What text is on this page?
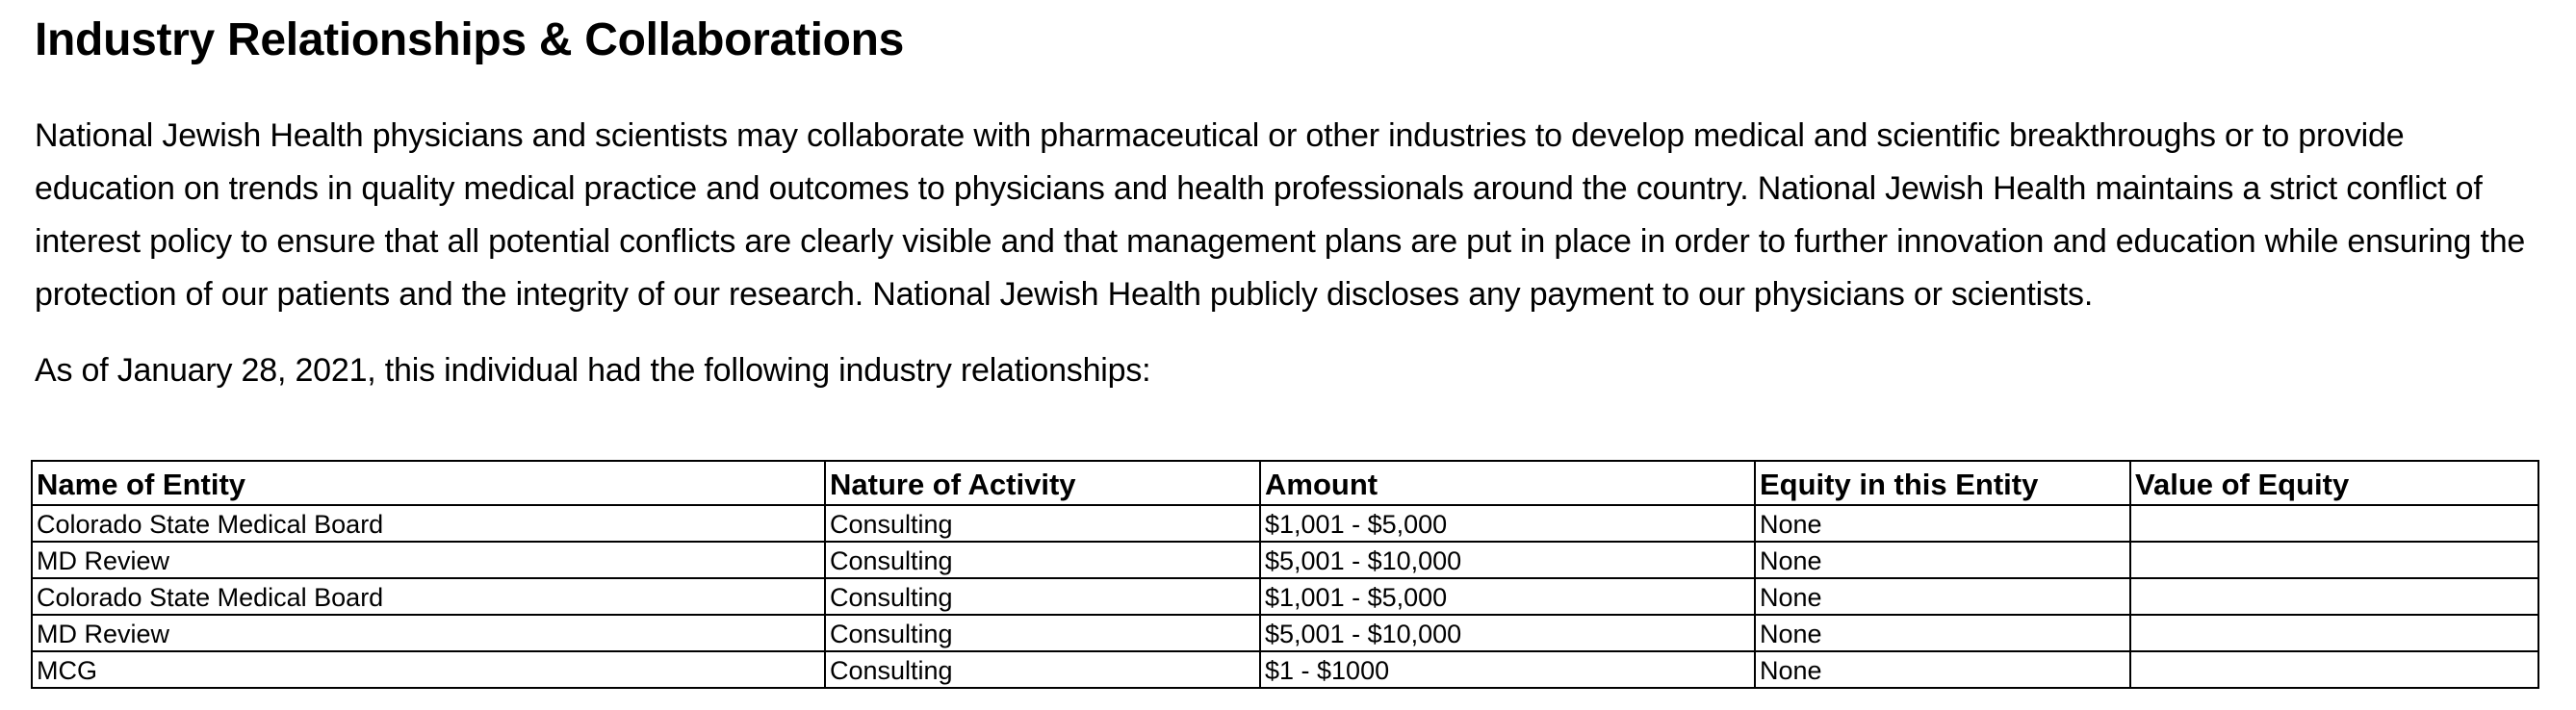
Industry Relationships & Collaborations

National Jewish Health physicians and scientists may collaborate with pharmaceutical or other industries to develop medical and scientific breakthroughs or to provide education on trends in quality medical practice and outcomes to physicians and health professionals around the country. National Jewish Health maintains a strict conflict of interest policy to ensure that all potential conflicts are clearly visible and that management plans are put in place in order to further innovation and education while ensuring the protection of our patients and the integrity of our research. National Jewish Health publicly discloses any payment to our physicians or scientists.

As of January 28, 2021, this individual had the following industry relationships:

Name of Entity	Nature of Activity	Amount	Equity in this Entity	Value of Equity
Colorado State Medical Board	Consulting	$1,001 - $5,000	None	
MD Review	Consulting	$5,001 - $10,000	None	
Colorado State Medical Board	Consulting	$1,001 - $5,000	None	
MD Review	Consulting	$5,001 - $10,000	None	
MCG	Consulting	$1 - $1000	None	
